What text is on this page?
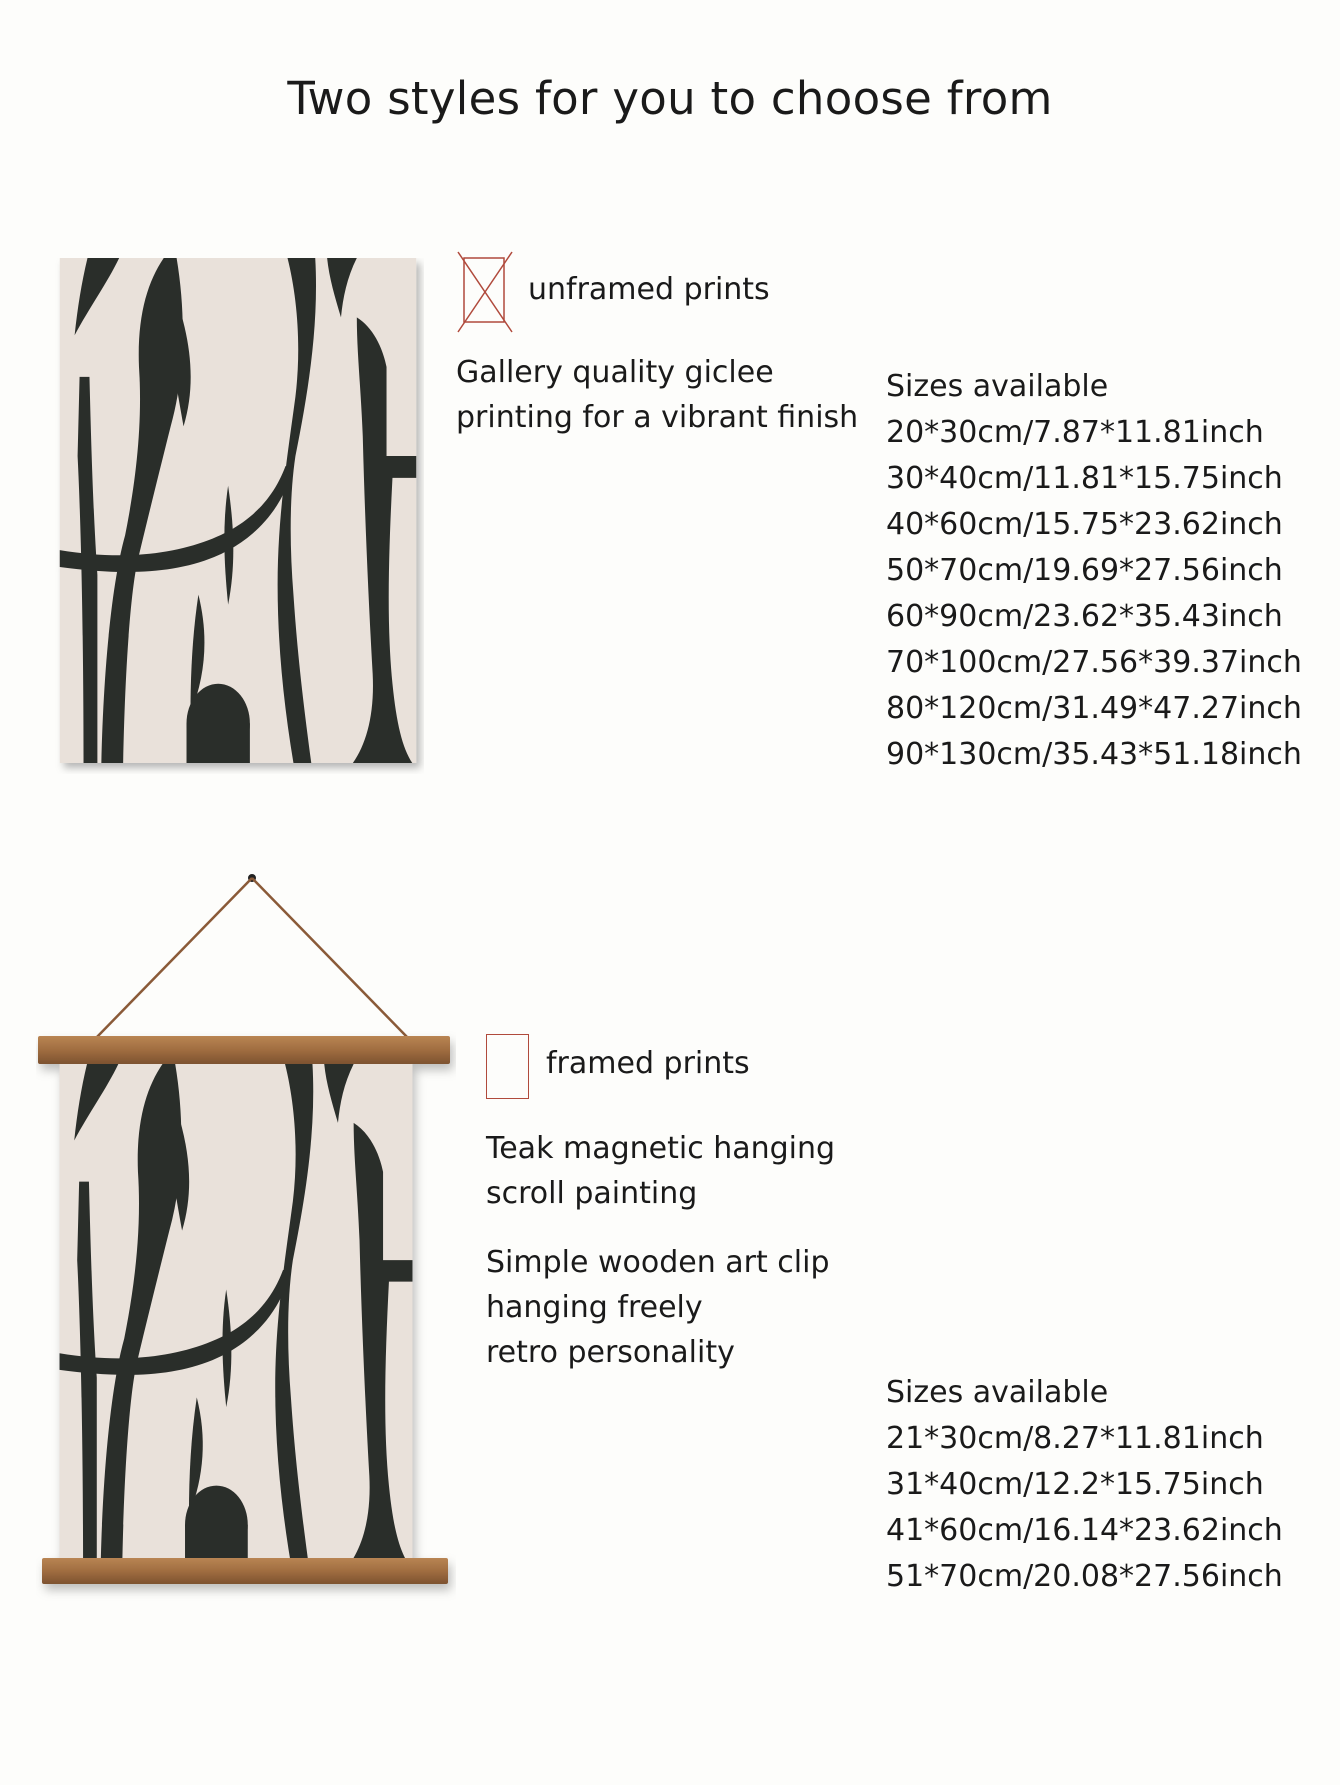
Two styles for you to choose from
unframed prints

Gallery quality giclee
printing for a vibrant finish

Sizes available
20*30cm/7.87*11.81inch
30*40cm/11.81*15.75inch
40*60cm/15.75*23.62inch
50*70cm/19.69*27.56inch
60*90cm/23.62*35.43inch
70*100cm/27.56*39.37inch
80*120cm/31.49*47.27inch
90*130cm/35.43*51.18inch
framed prints

Teak magnetic hanging
scroll painting

Simple wooden art clip
hanging freely
retro personality

Sizes available
21*30cm/8.27*11.81inch
31*40cm/12.2*15.75inch
41*60cm/16.14*23.62inch
51*70cm/20.08*27.56inch
